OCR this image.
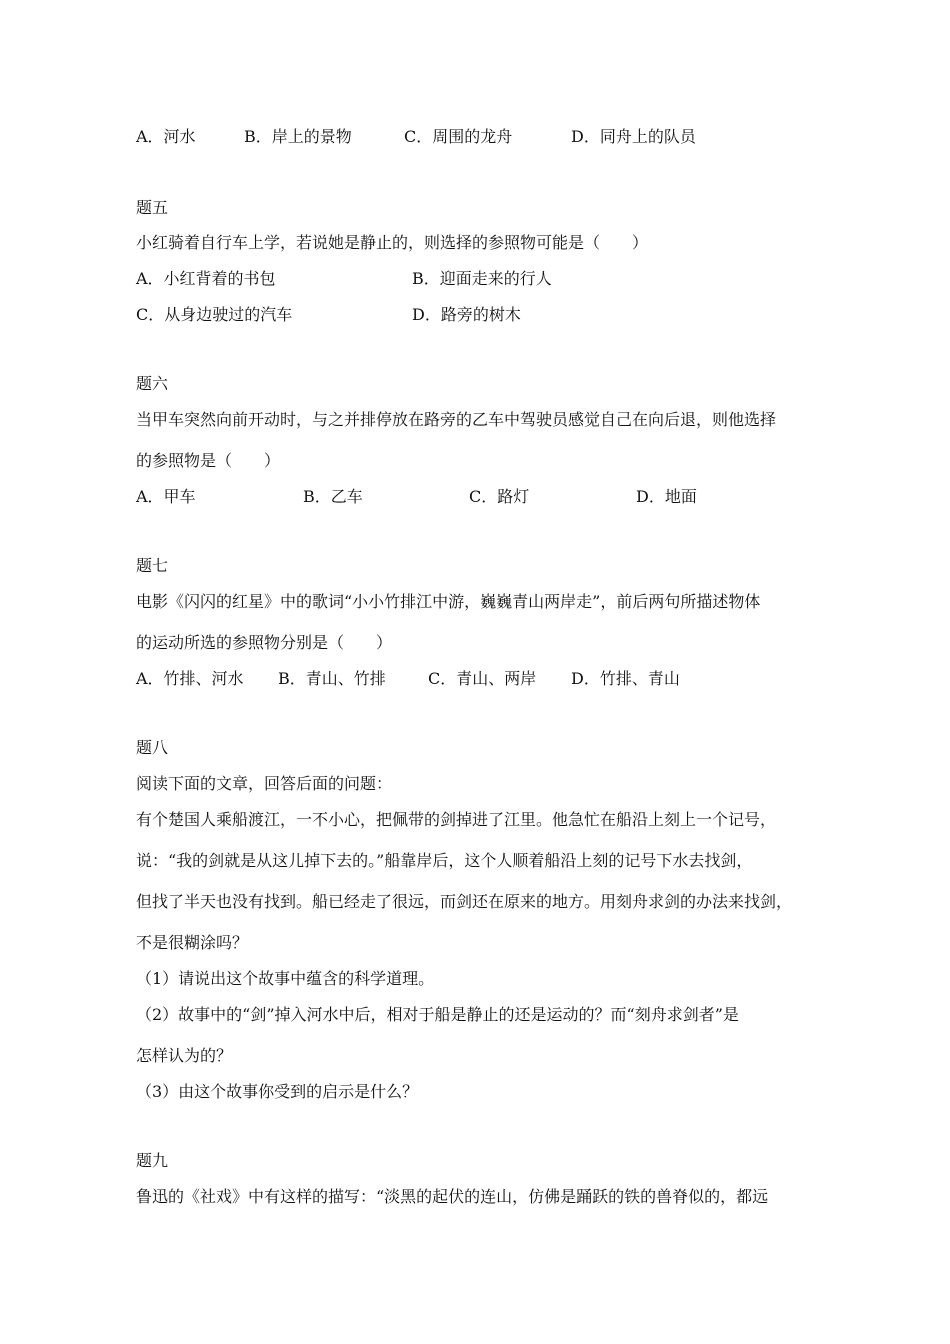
A．河水	B．岸上的景物	C．周围的龙舟	D．同舟上的队员
题五
小红骑着自行车上学，若说她是静止的，则选择的参照物可能是（　　）
A．小红背着的书包	B．迎面走来的行人
C．从身边驶过的汽车	D．路旁的树木
题六
当甲车突然向前开动时，与之并排停放在路旁的乙车中驾驶员感觉自己在向后退，则他选择
的参照物是（　　）
A．甲车	B．乙车	C．路灯	D．地面
题七
电影《闪闪的红星》中的歌词“小小竹排江中游，巍巍青山两岸走”，前后两句所描述物体
的运动所选的参照物分别是（　　）
A．竹排、河水 B．青山、竹排	C．青山、两岸 D．竹排、青山
题八
阅读下面的文章，回答后面的问题：
有个楚国人乘船渡江，一不小心，把佩带的剑掉进了江里。他急忙在船沿上刻上一个记号，
说：“我的剑就是从这儿掉下去的。”船靠岸后，这个人顺着船沿上刻的记号下水去找剑，
但找了半天也没有找到。船已经走了很远，而剑还在原来的地方。用刻舟求剑的办法来找剑，
不是很糊涂吗？
（1）请说出这个故事中蕴含的科学道理。
（2）故事中的“剑”掉入河水中后，相对于船是静止的还是运动的？而“刻舟求剑者”是
怎样认为的？
（3）由这个故事你受到的启示是什么？
题九
鲁迅的《社戏》中有这样的描写：“淡黑的起伏的连山，仿佛是踊跃的铁的兽脊似的，都远
